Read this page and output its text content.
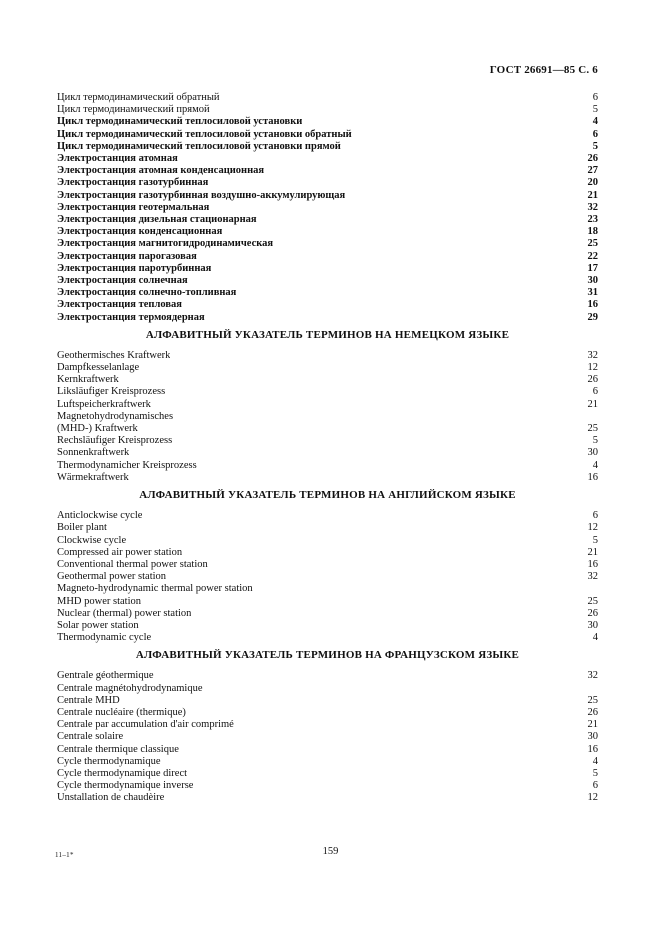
ГОСТ 26691—85 С. 6
Цикл термодинамический обратный	6
Цикл термодинамический прямой	5
Цикл термодинамический теплосиловой установки	4
Цикл термодинамический теплосиловой установки обратный	6
Цикл термодинамический теплосиловой установки прямой	5
Электростанция атомная	26
Электростанция атомная конденсационная	27
Электростанция газотурбинная	20
Электростанция газотурбинная воздушно-аккумулирующая	21
Электростанция геотермальная	32
Электростанция дизельная стационарная	23
Электростанция конденсационная	18
Электростанция магнитогидродинамическая	25
Электростанция парогазовая	22
Электростанция паротурбинная	17
Электростанция солнечная	30
Электростанция солнечно-топливная	31
Электростанция тепловая	16
Электростанция термоядерная	29
АЛФАВИТНЫЙ УКАЗАТЕЛЬ ТЕРМИНОВ НА НЕМЕЦКОМ ЯЗЫКЕ
Geothermisches Kraftwerk	32
Dampfkesselanlage	12
Kernkraftwerk	26
Liksläufiger Kreisprozess	6
Luftspeicherkraftwerk	21
Magnetohydrodynamisches
(MHD-) Kraftwerk	25
Rechsläufiger Kreisprozess	5
Sonnenkraftwerk	30
Thermodynamicher Kreisprozess	4
Wärmekraftwerk	16
АЛФАВИТНЫЙ УКАЗАТЕЛЬ ТЕРМИНОВ НА АНГЛИЙСКОМ ЯЗЫКЕ
Anticlockwise cycle	6
Boiler plant	12
Clockwise cycle	5
Compressed air power station	21
Conventional thermal power station	16
Geothermal power station	32
Magneto-hydrodynamic thermal power station
MHD power station	25
Nuclear (thermal) power station	26
Solar power station	30
Thermodynamic cycle	4
АЛФАВИТНЫЙ УКАЗАТЕЛЬ ТЕРМИНОВ НА ФРАНЦУЗСКОМ ЯЗЫКЕ
Gentrale géothermique	32
Centrale magnétohydrodynamique
Centrale MHD	25
Centrale nucléaire (thermique)	26
Centrale par accumulation d'air comprimé	21
Centrale solaire	30
Centrale thermique classique	16
Cycle thermodynamique	4
Cycle thermodynamique direct	5
Cycle thermodynamique inverse	6
Unstallation de chaudèire	12
11–1*	159
